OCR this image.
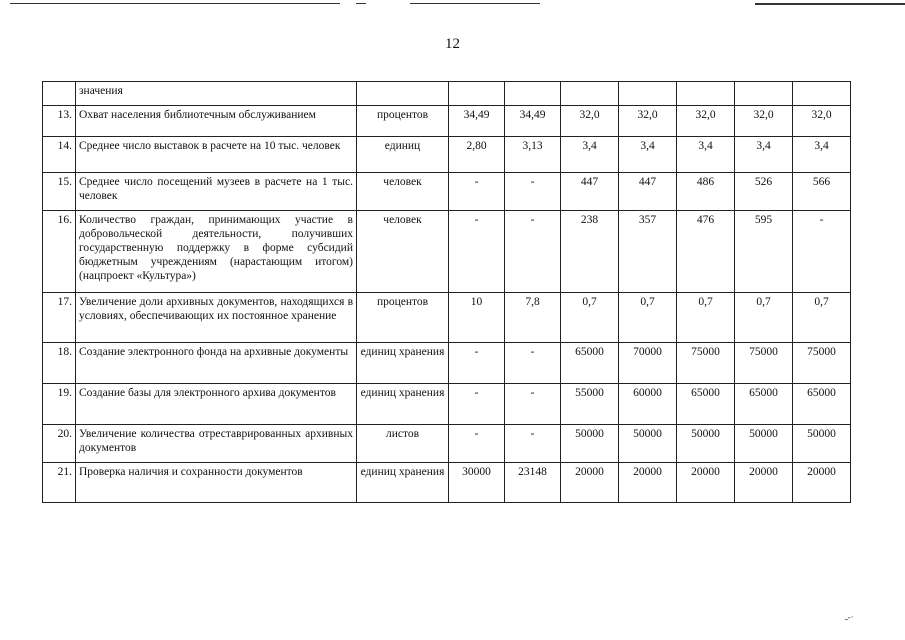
12
	значения								
13.	Охват населения библиотечным обслуживанием	процентов	34,49	34,49	32,0	32,0	32,0	32,0	32,0
14.	Среднее число выставок в расчете на 10 тыс. человек	единиц	2,80	3,13	3,4	3,4	3,4	3,4	3,4
15.	Среднее число посещений музеев в расчете на 1 тыс. человек	человек	-	-	447	447	486	526	566
16.	Количество граждан, принимающих участие в добровольческой деятельности, получивших государственную поддержку в форме субсидий бюджетным учреждениям (нарастающим итогом) (нацпроект «Культура»)	человек	-	-	238	357	476	595	-
17.	Увеличение доли архивных документов, находящихся в условиях, обеспечивающих их постоянное хранение	процентов	10	7,8	0,7	0,7	0,7	0,7	0,7
18.	Создание электронного фонда на архивные документы	единиц хранения	-	-	65000	70000	75000	75000	75000
19.	Создание базы для электронного архива документов	единиц хранения	-	-	55000	60000	65000	65000	65000
20.	Увеличение количества отреставрированных архивных документов	листов	-	-	50000	50000	50000	50000	50000
21.	Проверка наличия и сохранности документов	единиц хранения	30000	23148	20000	20000	20000	20000	20000
ـ-·
